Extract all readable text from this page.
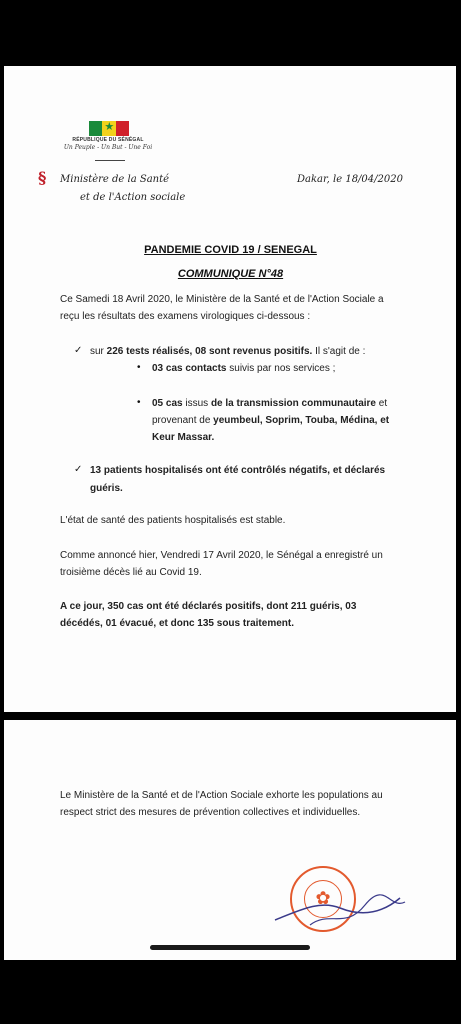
★
RÉPUBLIQUE DU SÉNÉGAL
Un Peuple - Un But - Une Foi
§ Ministère de la Santé
et de l'Action sociale
Dakar, le 18/04/2020
PANDEMIE COVID 19 / SENEGAL
COMMUNIQUE N°48
Ce Samedi 18 Avril 2020, le Ministère de la Santé et de l'Action Sociale a
reçu les résultats des examens virologiques ci-dessous :
✓ sur 226 tests réalisés, 08 sont revenus positifs. Il s'agit de :
• 03 cas contacts suivis par nos services ;
• 05 cas issus de la transmission communautaire et
provenant de yeumbeul, Soprim, Touba, Médina, et
Keur Massar.
✓ 13 patients hospitalisés ont été contrôlés négatifs, et déclarés
guéris.
L'état de santé des patients hospitalisés est stable.
Comme annoncé hier, Vendredi 17 Avril 2020, le Sénégal a enregistré un
troisième décès lié au Covid 19.
A ce jour, 350 cas ont été déclarés positifs, dont 211 guéris, 03
décédés, 01 évacué, et donc 135 sous traitement.
Le Ministère de la Santé et de l'Action Sociale exhorte les populations au
respect strict des mesures de prévention collectives et individuelles.
✿
